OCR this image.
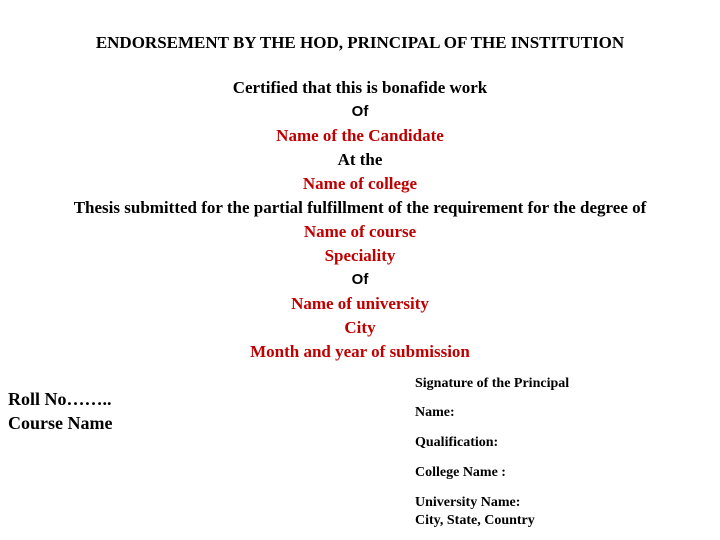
ENDORSEMENT BY THE HOD, PRINCIPAL OF THE INSTITUTION
Certified that this is bonafide work
Of
Name of the Candidate
At the
Name of college
Thesis submitted for the partial fulfillment of the requirement for the degree of
Name of course
Speciality
Of
Name of university
City
Month and year of submission
Roll No……..
Course Name
Signature of the Principal
Name:
Qualification:
College Name :
University Name:
City, State, Country
